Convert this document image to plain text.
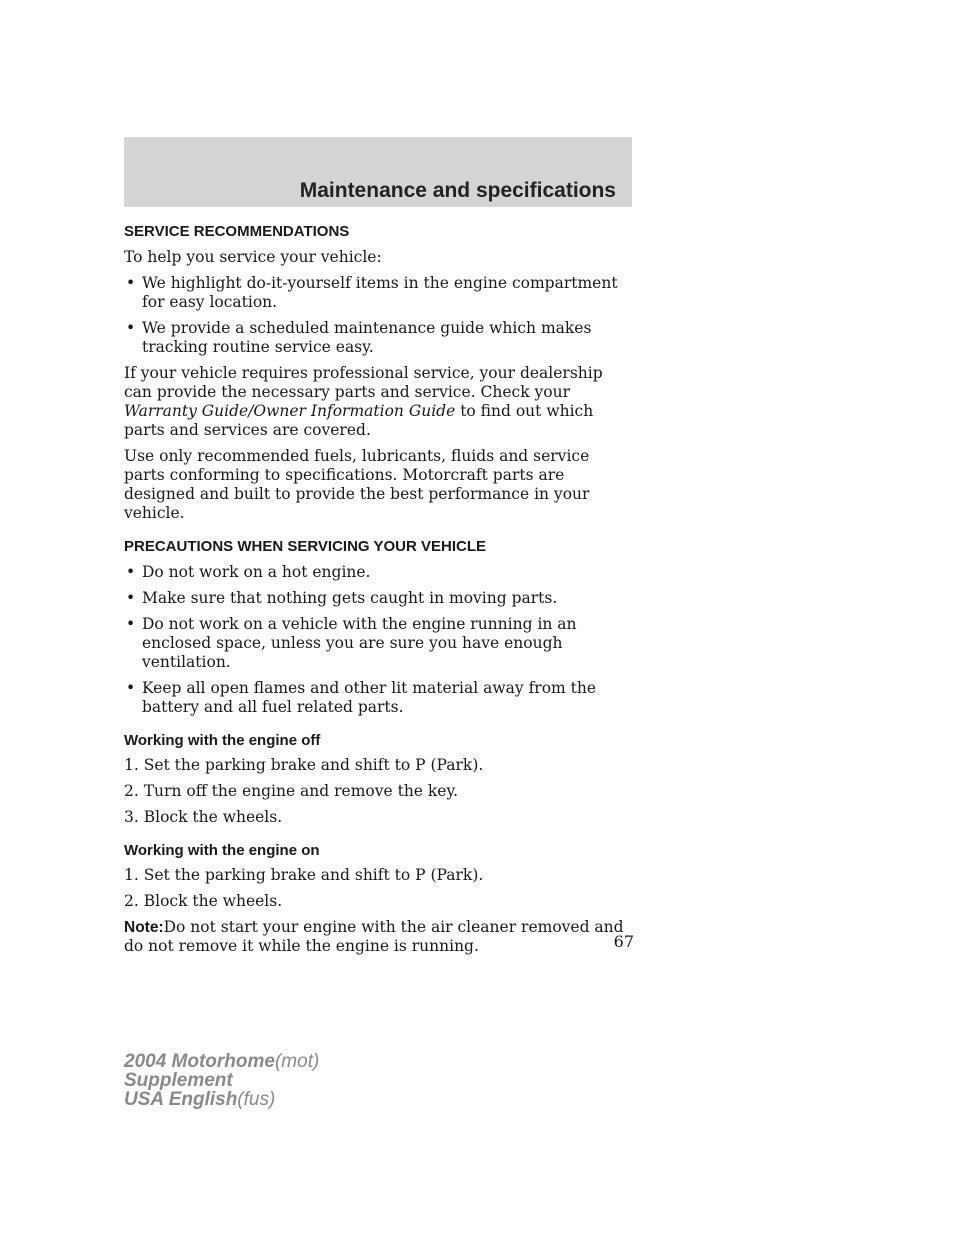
Maintenance and specifications
SERVICE RECOMMENDATIONS

To help you service your vehicle:

• We highlight do-it-yourself items in the engine compartment for easy location.
• We provide a scheduled maintenance guide which makes tracking routine service easy.

If your vehicle requires professional service, your dealership can provide the necessary parts and service. Check your Warranty Guide/Owner Information Guide to find out which parts and services are covered.

Use only recommended fuels, lubricants, fluids and service parts conforming to specifications. Motorcraft parts are designed and built to provide the best performance in your vehicle.

PRECAUTIONS WHEN SERVICING YOUR VEHICLE
• Do not work on a hot engine.
• Make sure that nothing gets caught in moving parts.
• Do not work on a vehicle with the engine running in an enclosed space, unless you are sure you have enough ventilation.
• Keep all open flames and other lit material away from the battery and all fuel related parts.
Working with the engine off

1. Set the parking brake and shift to P (Park).

2. Turn off the engine and remove the key.

3. Block the wheels.

Working with the engine on

1. Set the parking brake and shift to P (Park).

2. Block the wheels.

Note:Do not start your engine with the air cleaner removed and do not remove it while the engine is running.	67
2004 Motorhome(mot)
Supplement
USA English(fus)
